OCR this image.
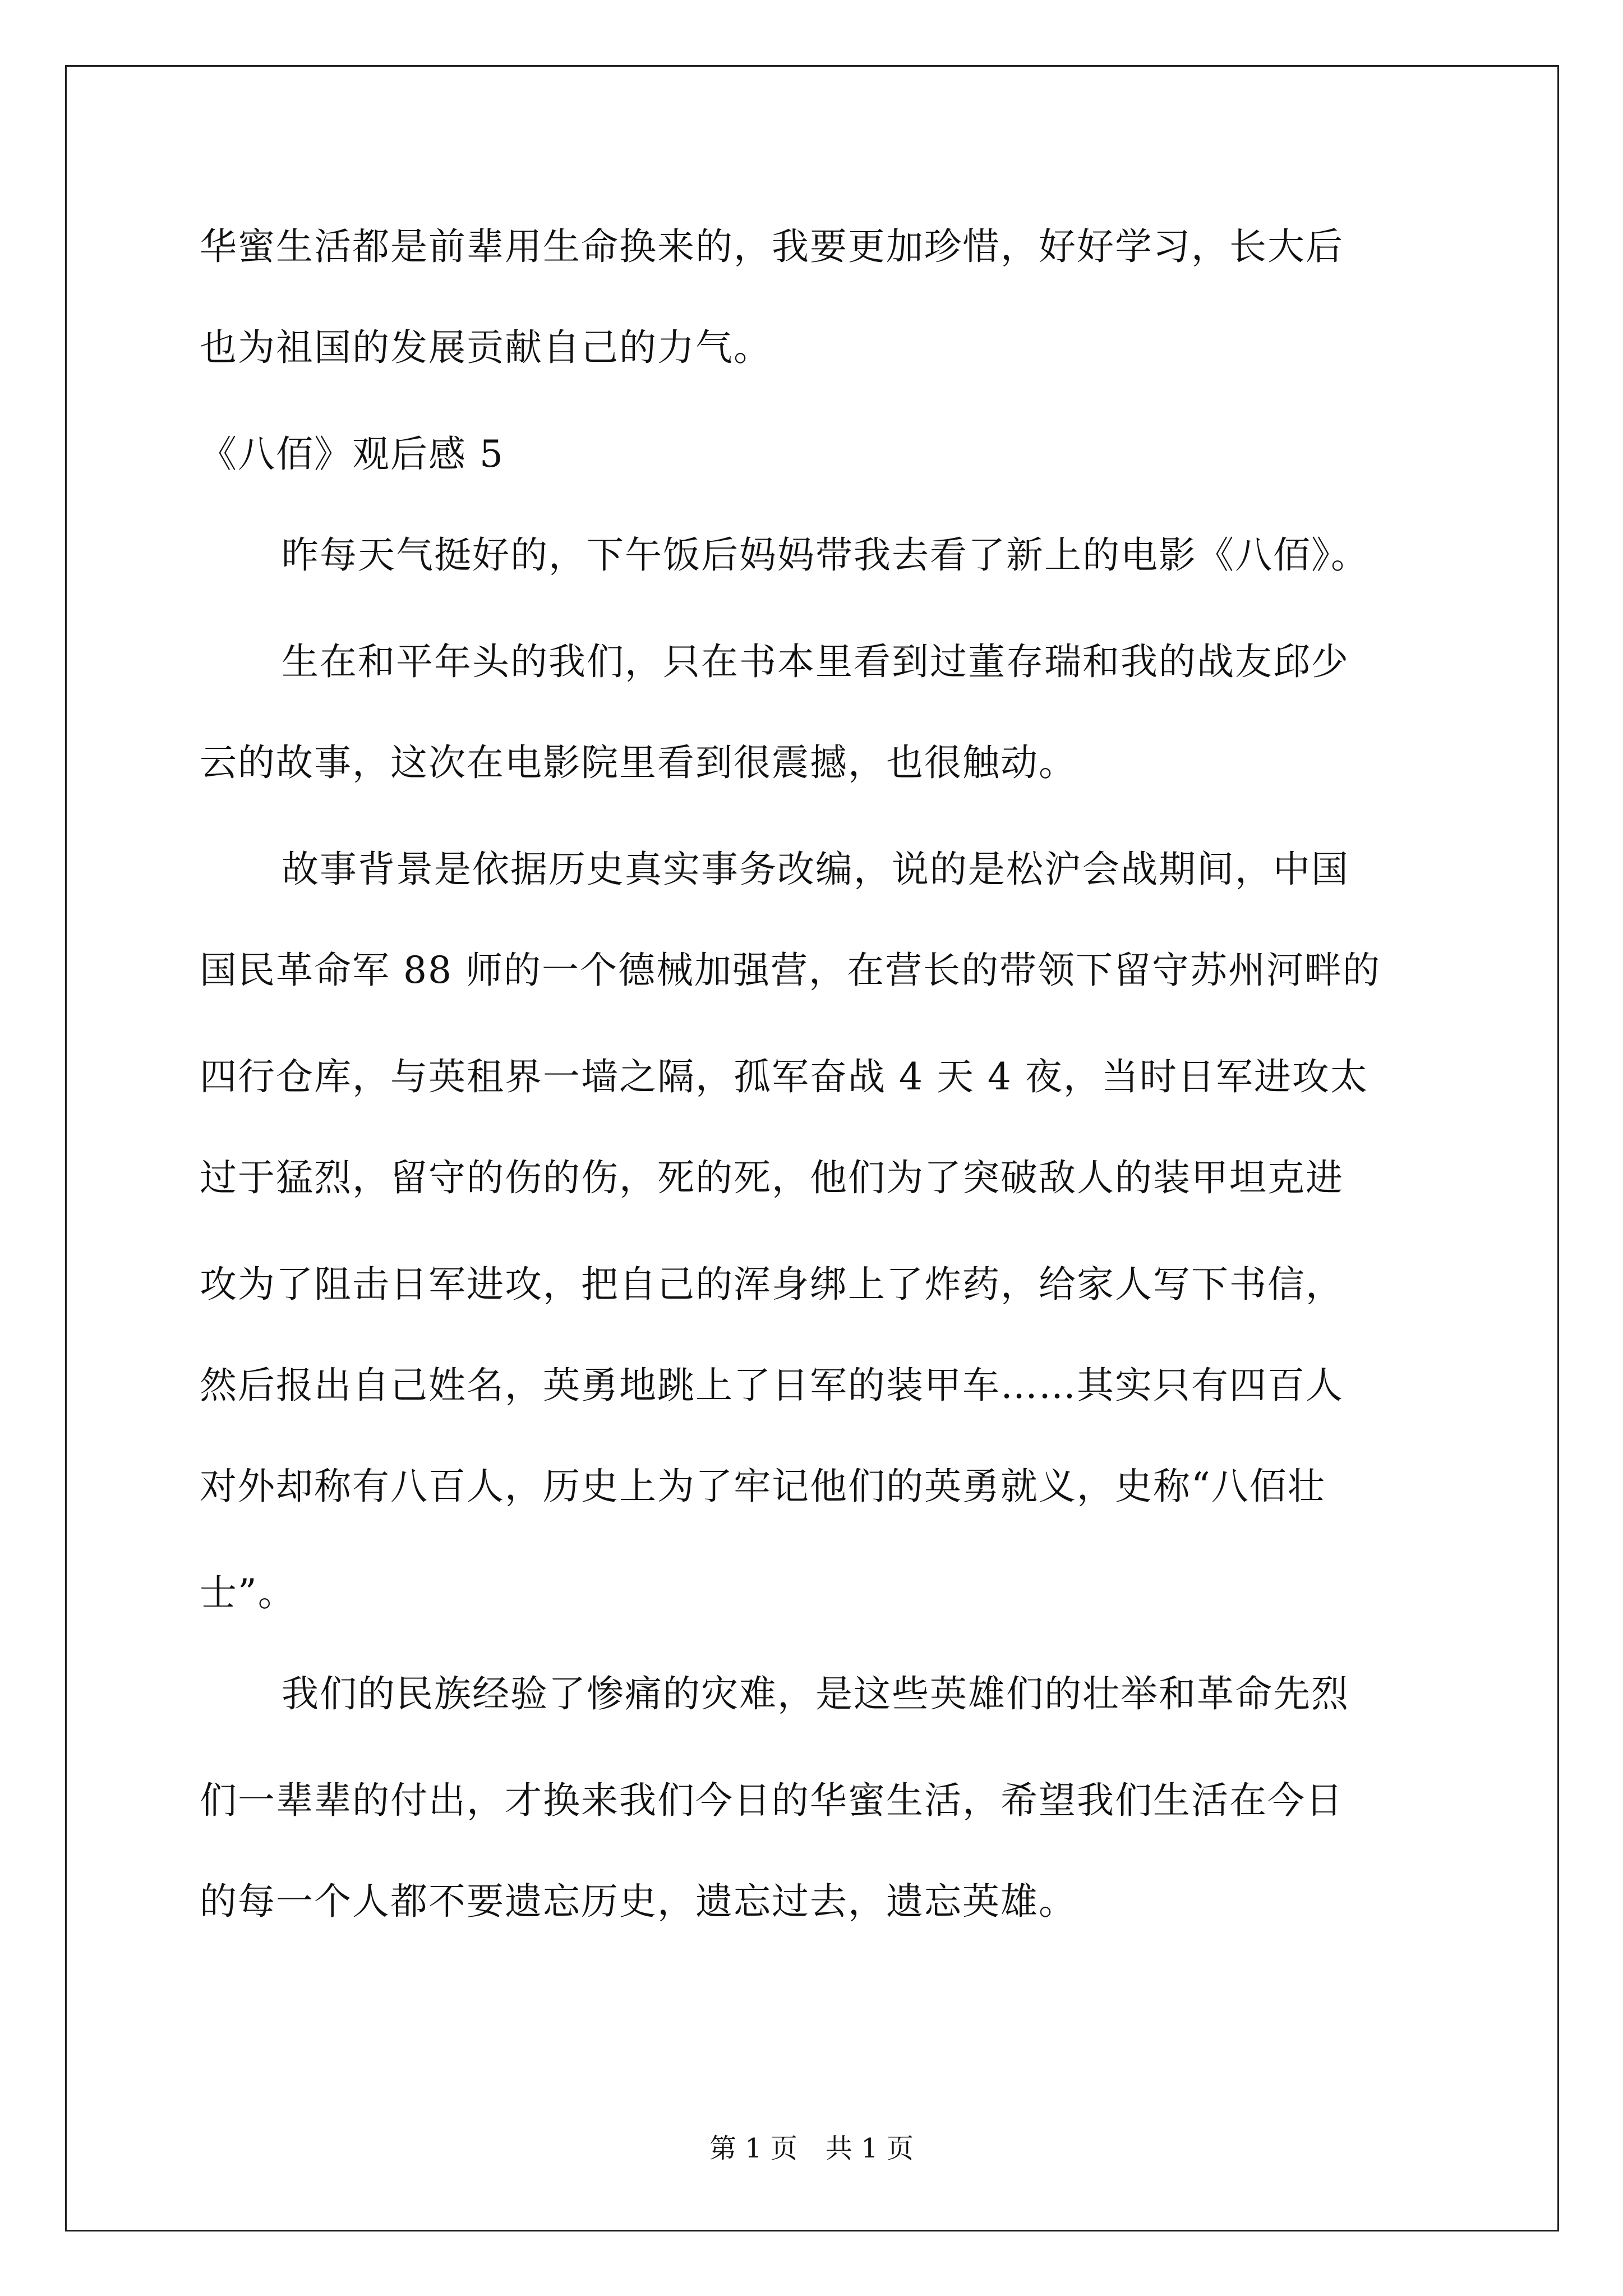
华蜜生活都是前辈用生命换来的，我要更加珍惜，好好学习，长大后
也为祖国的发展贡献自己的力气。
《八佰》观后感 5
昨每天气挺好的，下午饭后妈妈带我去看了新上的电影《八佰》。
生在和平年头的我们，只在书本里看到过董存瑞和我的战友邱少
云的故事，这次在电影院里看到很震撼，也很触动。
故事背景是依据历史真实事务改编，说的是松沪会战期间，中国
国民革命军 88 师的一个德械加强营，在营长的带领下留守苏州河畔的
四行仓库，与英租界一墙之隔，孤军奋战 4 天 4 夜，当时日军进攻太
过于猛烈，留守的伤的伤，死的死，他们为了突破敌人的装甲坦克进
攻为了阻击日军进攻，把自己的浑身绑上了炸药，给家人写下书信，
然后报出自己姓名，英勇地跳上了日军的装甲车……其实只有四百人
对外却称有八百人，历史上为了牢记他们的英勇就义，史称“八佰壮
士”。
我们的民族经验了惨痛的灾难，是这些英雄们的壮举和革命先烈
们一辈辈的付出，才换来我们今日的华蜜生活，希望我们生活在今日
的每一个人都不要遗忘历史，遗忘过去，遗忘英雄。
第 1 页 共 1 页
